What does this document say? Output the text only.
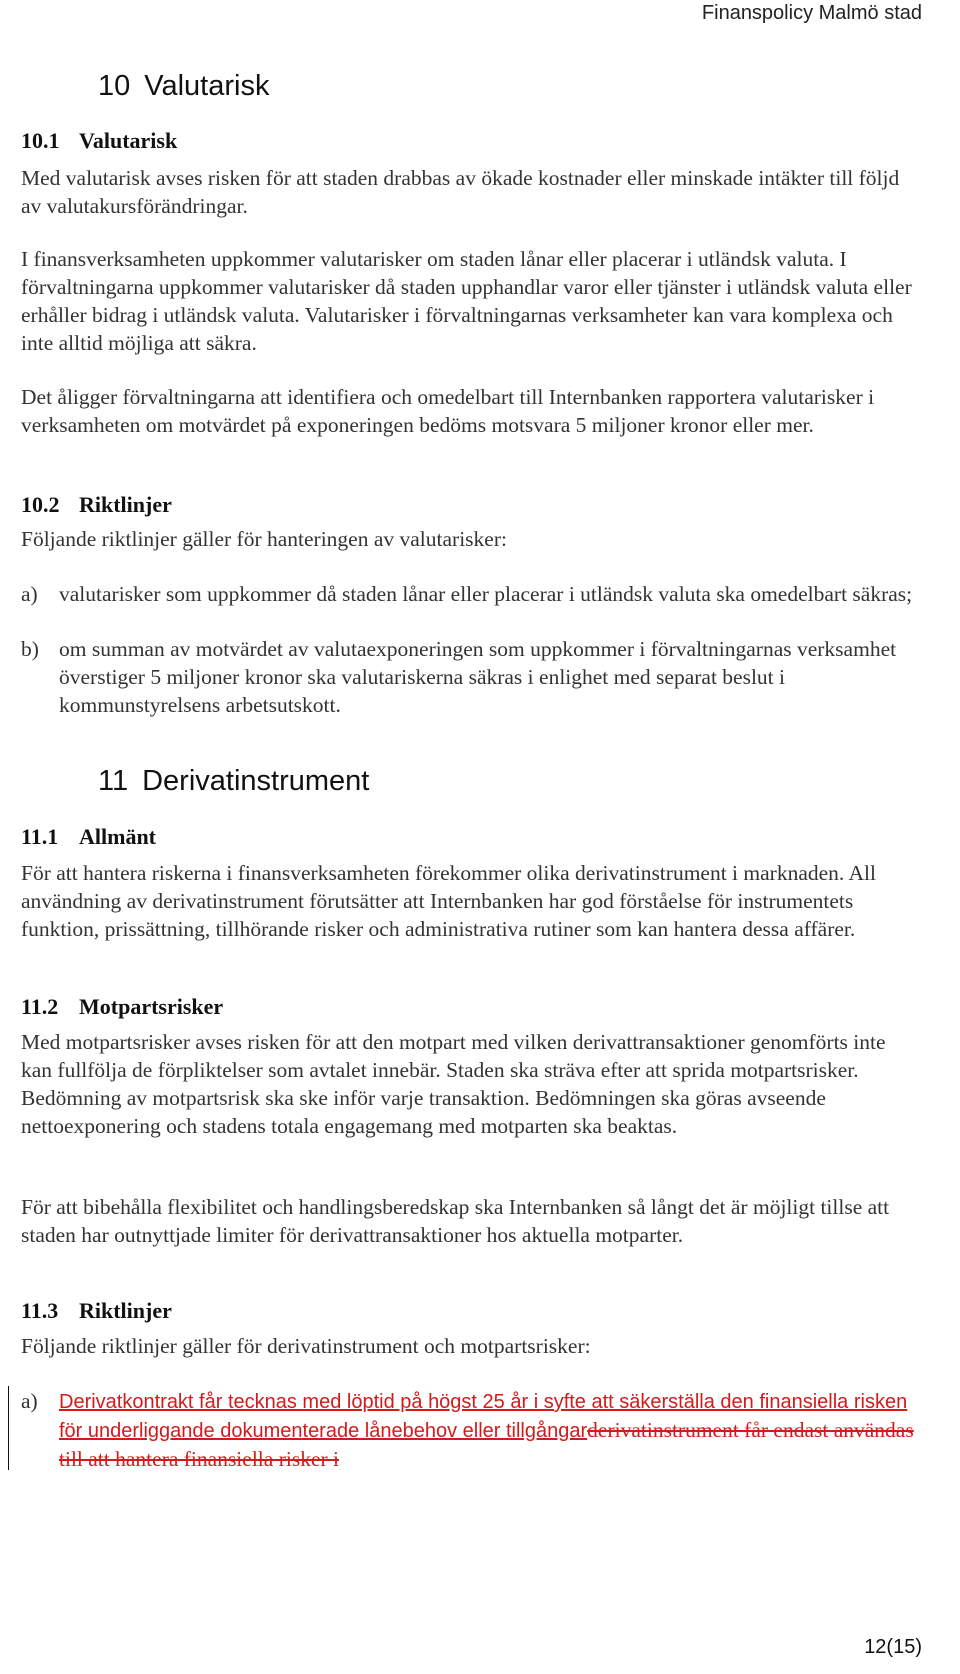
Finanspolicy Malmö stad
10 Valutarisk
10.1 Valutarisk
Med valutarisk avses risken för att staden drabbas av ökade kostnader eller minskade intäkter till följd av valutakursförändringar.
I finansverksamheten uppkommer valutarisker om staden lånar eller placerar i utländsk valuta. I förvaltningarna uppkommer valutarisker då staden upphandlar varor eller tjänster i utländsk valuta eller erhåller bidrag i utländsk valuta. Valutarisker i förvaltningarnas verksamheter kan vara komplexa och inte alltid möjliga att säkra.
Det åligger förvaltningarna att identifiera och omedelbart till Internbanken rapportera valutarisker i verksamheten om motvärdet på exponeringen bedöms motsvara 5 miljoner kronor eller mer.
10.2 Riktlinjer
Följande riktlinjer gäller för hanteringen av valutarisker:
a) valutarisker som uppkommer då staden lånar eller placerar i utländsk valuta ska omedelbart säkras;
b) om summan av motvärdet av valutaexponeringen som uppkommer i förvaltningarnas verksamhet överstiger 5 miljoner kronor ska valutariskerna säkras i enlighet med separat beslut i kommunstyrelsens arbetsutskott.
11 Derivatinstrument
11.1 Allmänt
För att hantera riskerna i finansverksamheten förekommer olika derivatinstrument i marknaden. All användning av derivatinstrument förutsätter att Internbanken har god förståelse för instrumentets funktion, prissättning, tillhörande risker och administrativa rutiner som kan hantera dessa affärer.
11.2 Motpartsrisker
Med motpartsrisker avses risken för att den motpart med vilken derivattransaktioner genomförts inte kan fullfölja de förpliktelser som avtalet innebär. Staden ska sträva efter att sprida motpartsrisker. Bedömning av motpartsrisk ska ske inför varje transaktion. Bedömningen ska göras avseende nettoexponering och stadens totala engagemang med motparten ska beaktas.
För att bibehålla flexibilitet och handlingsberedskap ska Internbanken så långt det är möjligt tillse att staden har outnyttjade limiter för derivattransaktioner hos aktuella motparter.
11.3 Riktlinjer
Följande riktlinjer gäller för derivatinstrument och motpartsrisker:
a) Derivatkontrakt får tecknas med löptid på högst 25 år i syfte att säkerställa den finansiella risken för underliggande dokumenterade lånebehov eller tillgångarderivatinstrument får endast användas till att hantera finansiella risker i
12(15)
